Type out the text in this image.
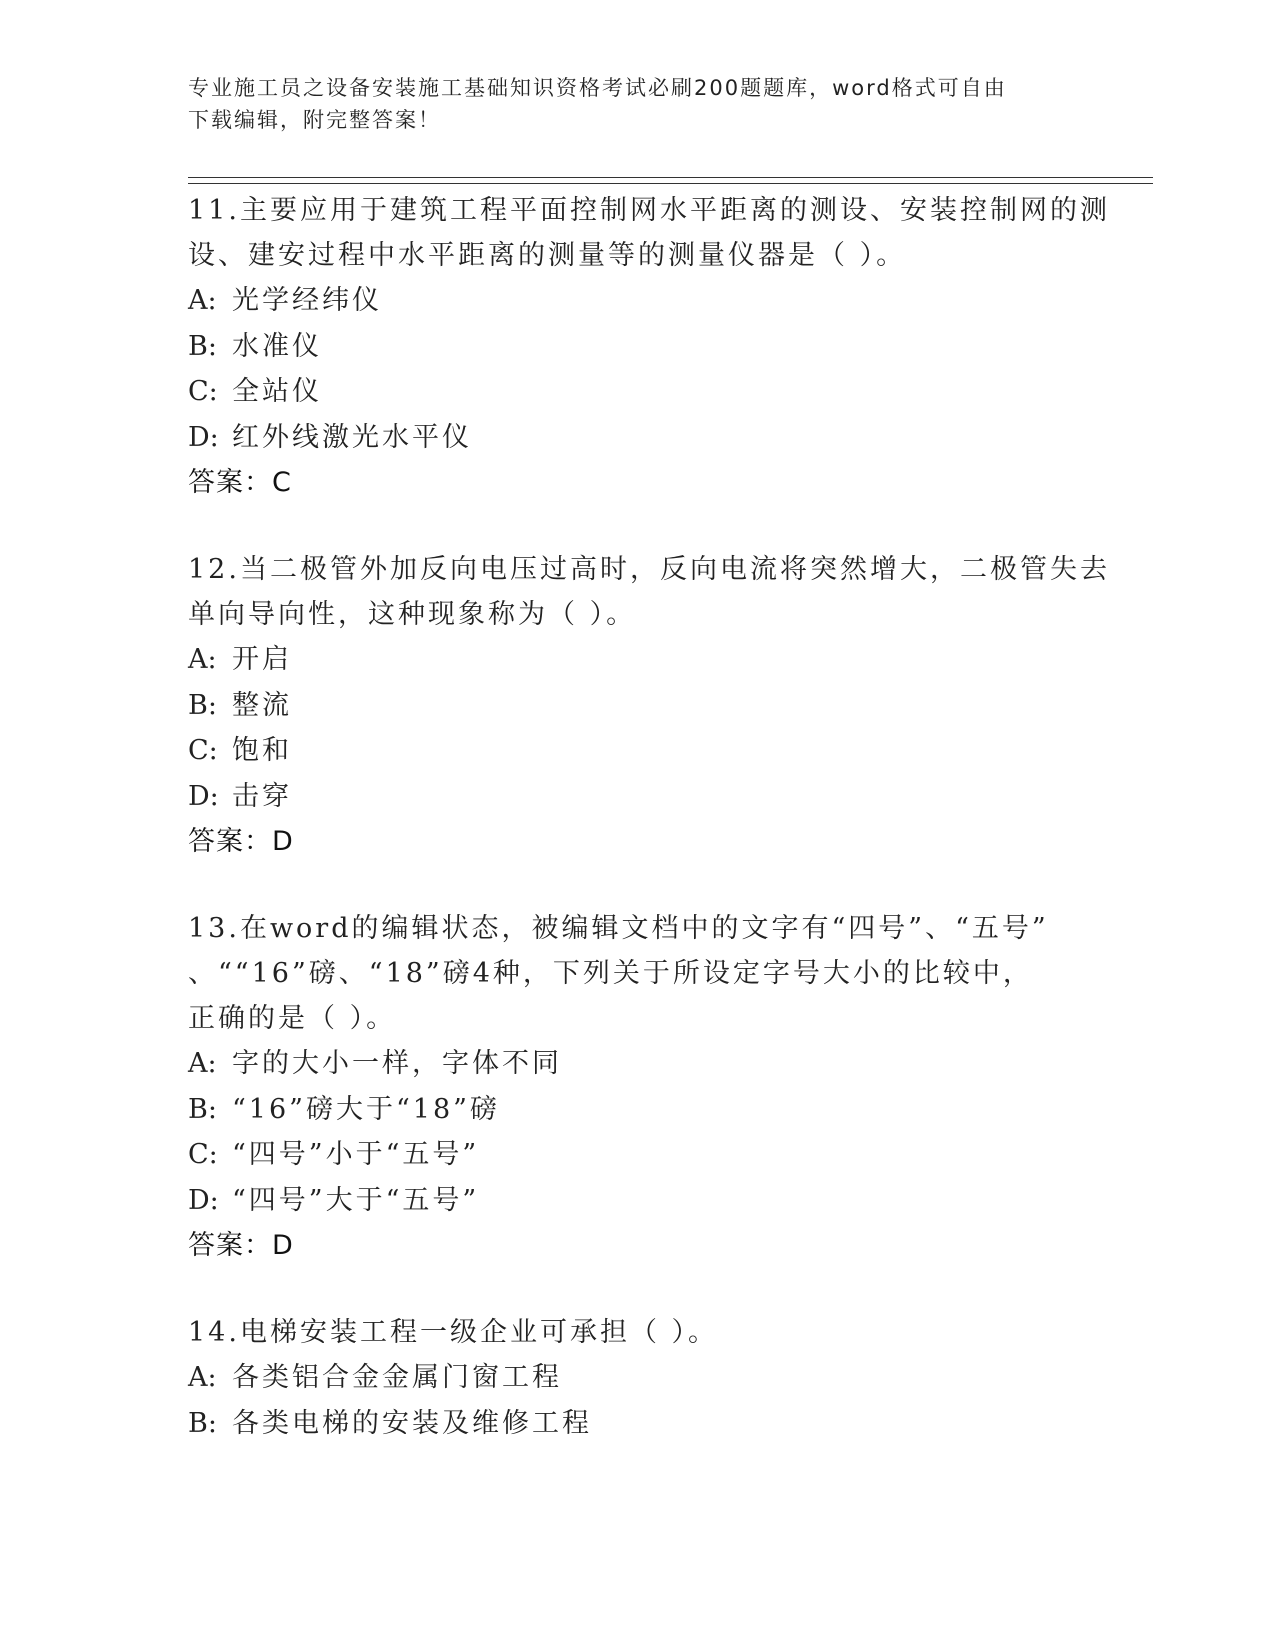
专业施工员之设备安装施工基础知识资格考试必刷200题题库，word格式可自由
下载编辑，附完整答案！
11.主要应用于建筑工程平面控制网水平距离的测设、安装控制网的测
设、建安过程中水平距离的测量等的测量仪器是（ ）。
A: 光学经纬仪
B: 水准仪
C: 全站仪
D: 红外线激光水平仪
答案：C
12.当二极管外加反向电压过高时，反向电流将突然增大，二极管失去
单向导向性，这种现象称为（ ）。
A: 开启
B: 整流
C: 饱和
D: 击穿
答案：D
13.在word的编辑状态，被编辑文档中的文字有“四号”、“五号”
、““16”磅、“18”磅4种，下列关于所设定字号大小的比较中，
正确的是（ ）。
A: 字的大小一样，字体不同
B: “16”磅大于“18”磅
C: “四号”小于“五号”
D: “四号”大于“五号”
答案：D
14.电梯安装工程一级企业可承担（ ）。
A: 各类铝合金金属门窗工程
B: 各类电梯的安装及维修工程
